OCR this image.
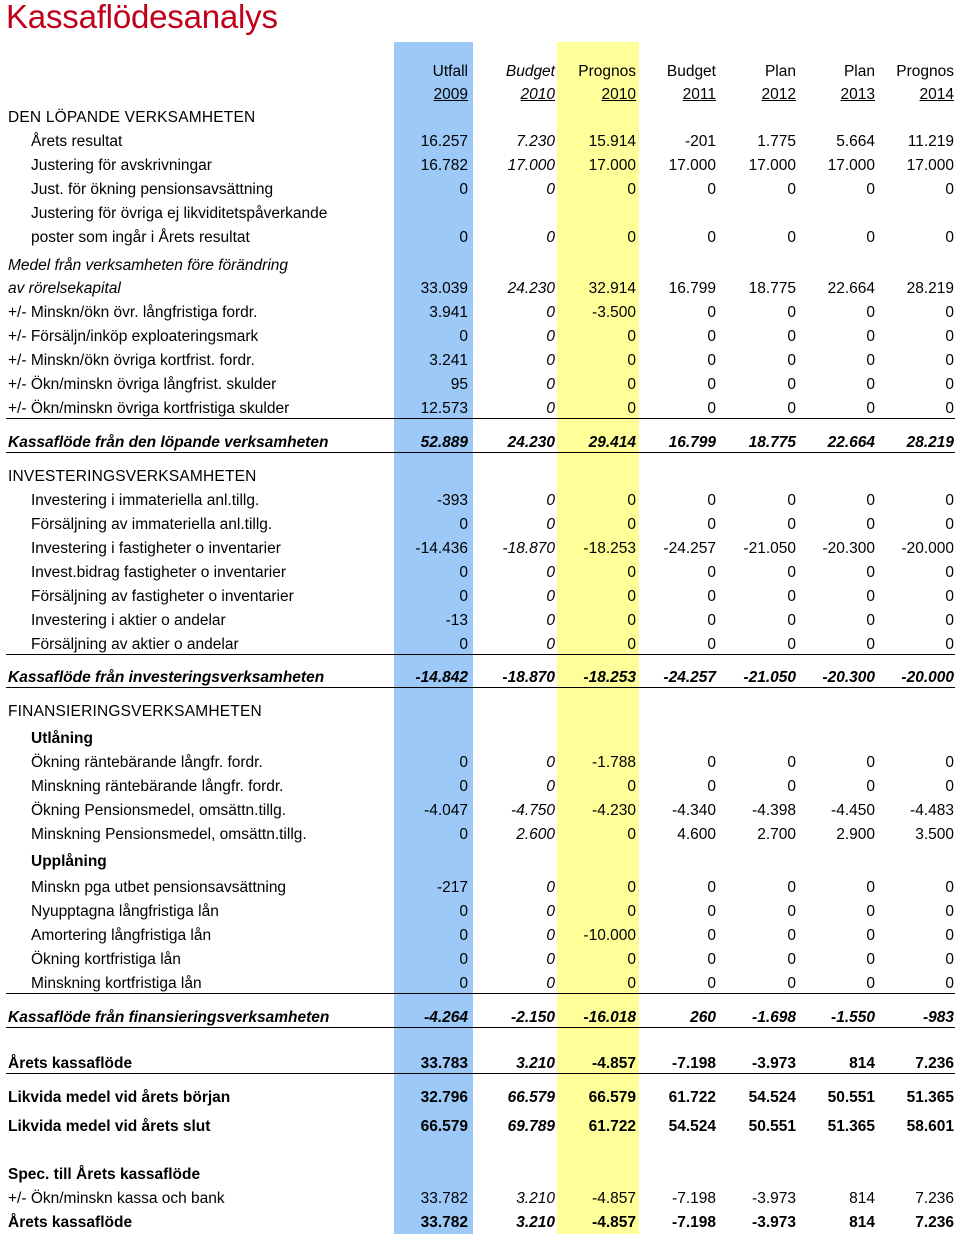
Kassaflödesanalys
Utfall	Budget	Prognos	Budget	Plan	Plan	Prognos
2009	2010	2010	2011	2012	2013	2014
DEN LÖPANDE VERKSAMHETEN
Årets resultat	16.257	7.230	15.914	-201	1.775	5.664	11.219
Justering för avskrivningar	16.782	17.000	17.000	17.000	17.000	17.000	17.000
Just. för ökning pensionsavsättning	0	0	0	0	0	0	0
Justering för övriga ej likviditetspåverkande
poster som ingår i Årets resultat	0	0	0	0	0	0	0
Medel från verksamheten före förändring
av rörelsekapital	33.039	24.230	32.914	16.799	18.775	22.664	28.219
+/- Minskn/ökn övr. långfristiga fordr.	3.941	0	-3.500	0	0	0	0
+/- Försäljn/inköp exploateringsmark	0	0	0	0	0	0	0
+/- Minskn/ökn övriga kortfrist. fordr.	3.241	0	0	0	0	0	0
+/- Ökn/minskn övriga långfrist. skulder	95	0	0	0	0	0	0
+/- Ökn/minskn övriga kortfristiga skulder	12.573	0	0	0	0	0	0
Kassaflöde från den löpande verksamheten	52.889	24.230	29.414	16.799	18.775	22.664	28.219
INVESTERINGSVERKSAMHETEN
Investering i immateriella anl.tillg.	-393	0	0	0	0	0	0
Försäljning av immateriella anl.tillg.	0	0	0	0	0	0	0
Investering i fastigheter o inventarier	-14.436	-18.870	-18.253	-24.257	-21.050	-20.300	-20.000
Invest.bidrag fastigheter o inventarier	0	0	0	0	0	0	0
Försäljning av fastigheter o inventarier	0	0	0	0	0	0	0
Investering i aktier o andelar	-13	0	0	0	0	0	0
Försäljning av aktier o andelar	0	0	0	0	0	0	0
Kassaflöde från investeringsverksamheten	-14.842	-18.870	-18.253	-24.257	-21.050	-20.300	-20.000
FINANSIERINGSVERKSAMHETEN
Utlåning
Ökning räntebärande långfr. fordr.	0	0	-1.788	0	0	0	0
Minskning räntebärande långfr. fordr.	0	0	0	0	0	0	0
Ökning Pensionsmedel, omsättn.tillg.	-4.047	-4.750	-4.230	-4.340	-4.398	-4.450	-4.483
Minskning Pensionsmedel, omsättn.tillg.	0	2.600	0	4.600	2.700	2.900	3.500
Upplåning
Minskn pga utbet pensionsavsättning	-217	0	0	0	0	0	0
Nyupptagna långfristiga lån	0	0	0	0	0	0	0
Amortering långfristiga lån	0	0	-10.000	0	0	0	0
Ökning kortfristiga lån	0	0	0	0	0	0	0
Minskning kortfristiga lån	0	0	0	0	0	0	0
Kassaflöde från finansieringsverksamheten	-4.264	-2.150	-16.018	260	-1.698	-1.550	-983
Årets kassaflöde	33.783	3.210	-4.857	-7.198	-3.973	814	7.236
Likvida medel vid årets början	32.796	66.579	66.579	61.722	54.524	50.551	51.365
Likvida medel vid årets slut	66.579	69.789	61.722	54.524	50.551	51.365	58.601
Spec. till Årets kassaflöde
+/- Ökn/minskn kassa och bank	33.782	3.210	-4.857	-7.198	-3.973	814	7.236
Årets kassaflöde	33.782	3.210	-4.857	-7.198	-3.973	814	7.236
